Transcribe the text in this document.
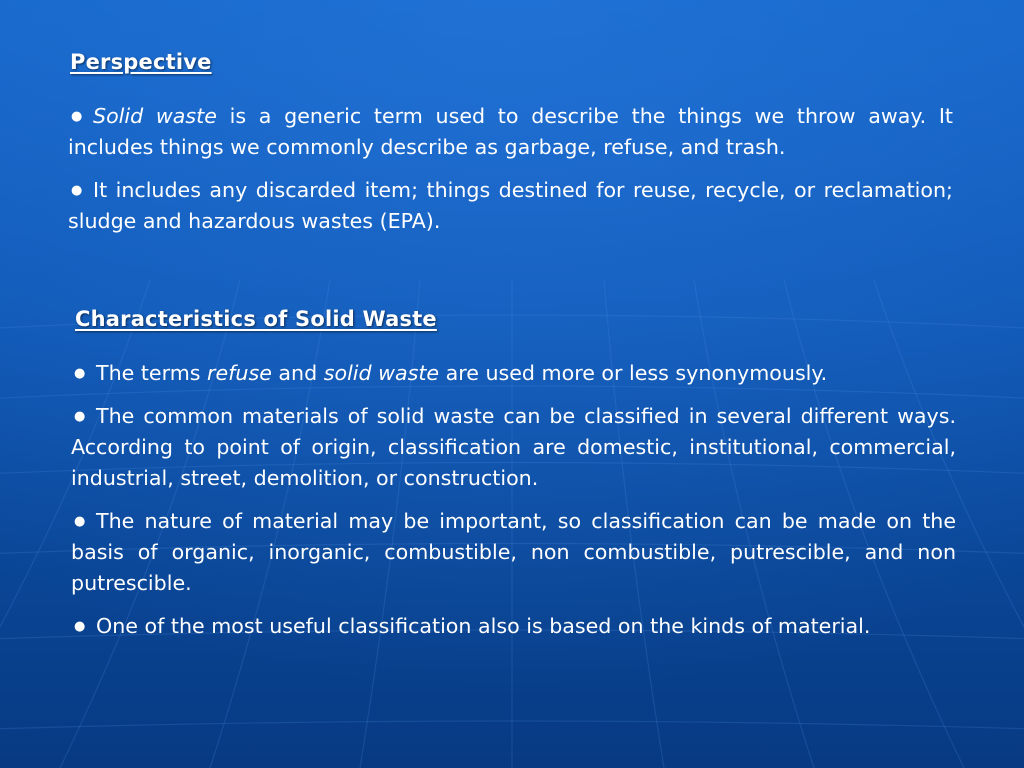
Perspective

● Solid waste is a generic term used to describe the things we throw away. It includes things we commonly describe as garbage, refuse, and trash.

● It includes any discarded item; things destined for reuse, recycle, or reclamation; sludge and hazardous wastes (EPA).

Characteristics of Solid Waste

● The terms refuse and solid waste are used more or less synonymously.

● The common materials of solid waste can be classified in several different ways. According to point of origin, classification are domestic, institutional, commercial, industrial, street, demolition, or construction.

● The nature of material may be important, so classification can be made on the basis of organic, inorganic, combustible, non combustible, putrescible, and non putrescible.

● One of the most useful classification also is based on the kinds of material.
